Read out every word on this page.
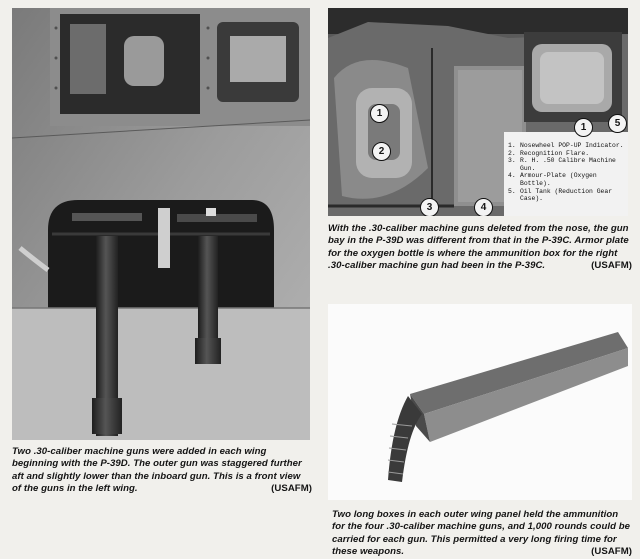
Two .30-caliber machine guns were added in each wing beginning with the P-39D. The outer gun was staggered further aft and slightly lower than the inboard gun. This is a front view of the guns in the left wing.	(USAFM)

1
2
1	5
3	4
1. Nosewheel POP-UP Indicator.
2. Recognition Flare.
3. R. H. .50 Calibre Machine Gun.
4. Armour-Plate (Oxygen Bottle).
5. Oil Tank (Reduction Gear Case).

With the .30-caliber machine guns deleted from the nose, the gun bay in the P-39D was different from that in the P-39C. Armor plate for the oxygen bottle is where the ammunition box for the right .30-caliber machine gun had been in the P-39C.	(USAFM)

Two long boxes in each outer wing panel held the ammunition for the four .30-caliber machine guns, and 1,000 rounds could be carried for each gun. This permitted a very long firing time for these weapons.	(USAFM)
